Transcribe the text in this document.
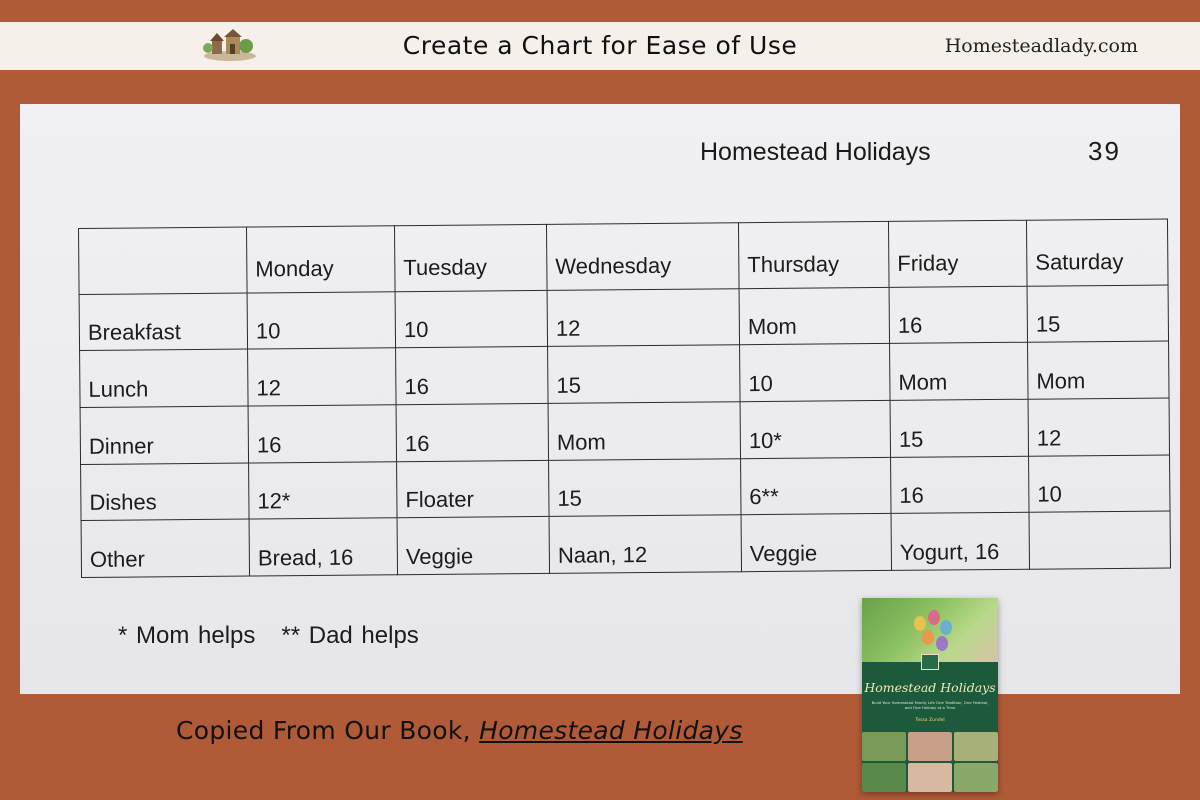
Create a Chart for Ease of Use	Homesteadlady.com
Homestead Holidays	39
	Monday	Tuesday	Wednesday	Thursday	Friday	Saturday
Breakfast	10	10	12	Mom	16	15
Lunch	12	16	15	10	Mom	Mom
Dinner	16	16	Mom	10*	15	12
Dishes	12*	Floater	15	6**	16	10
Other	Bread, 16	Veggie	Naan, 12	Veggie	Yogurt, 16	
* Mom helps ** Dad helps
Copied From Our Book, Homestead Holidays
Homestead Holidays
Build Your Homestead Family Life One Tradition, One Festival, and One Holiday at a Time
Tessa Zundel
